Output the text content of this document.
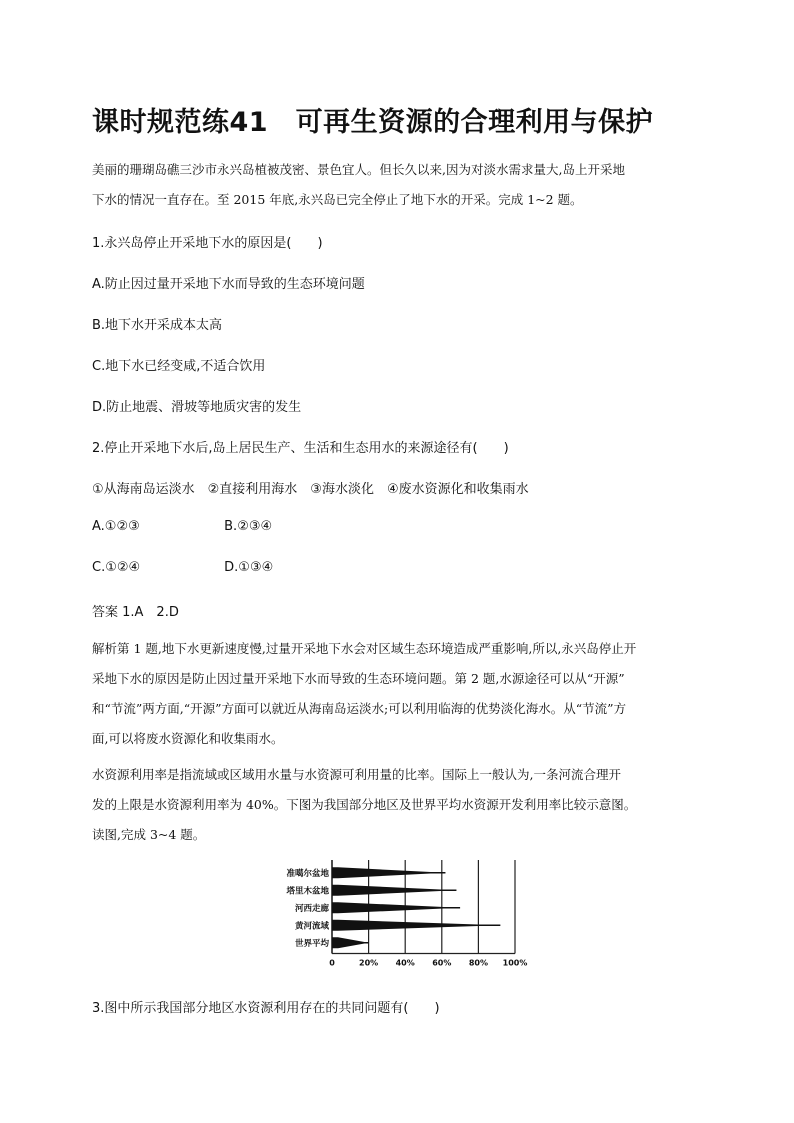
课时规范练41　可再生资源的合理利用与保护
美丽的珊瑚岛礁三沙市永兴岛植被茂密、景色宜人。但长久以来,因为对淡水需求量大,岛上开采地
下水的情况一直存在。至 2015 年底,永兴岛已完全停止了地下水的开采。完成 1~2 题。
1.永兴岛停止开采地下水的原因是(　　)
A.防止因过量开采地下水而导致的生态环境问题
B.地下水开采成本太高
C.地下水已经变咸,不适合饮用
D.防止地震、滑坡等地质灾害的发生
2.停止开采地下水后,岛上居民生产、生活和生态用水的来源途径有(　　)
①从海南岛运淡水　②直接利用海水　③海水淡化　④废水资源化和收集雨水
A.①②③	B.②③④
C.①②④	D.①③④
答案 1.A　2.D
解析第 1 题,地下水更新速度慢,过量开采地下水会对区域生态环境造成严重影响,所以,永兴岛停止开
采地下水的原因是防止因过量开采地下水而导致的生态环境问题。第 2 题,水源途径可以从“开源”
和“节流”两方面,“开源”方面可以就近从海南岛运淡水;可以利用临海的优势淡化海水。从“节流”方
面,可以将废水资源化和收集雨水。
水资源利用率是指流域或区域用水量与水资源可利用量的比率。国际上一般认为,一条河流合理开
发的上限是水资源利用率为 40%。下图为我国部分地区及世界平均水资源开发利用率比较示意图。
读图,完成 3~4 题。
0	20% 40% 60% 80% 100%
准噶尔盆地
塔里木盆地
河西走廊
黄河流域
世界平均
3.图中所示我国部分地区水资源利用存在的共同问题有(　　)
